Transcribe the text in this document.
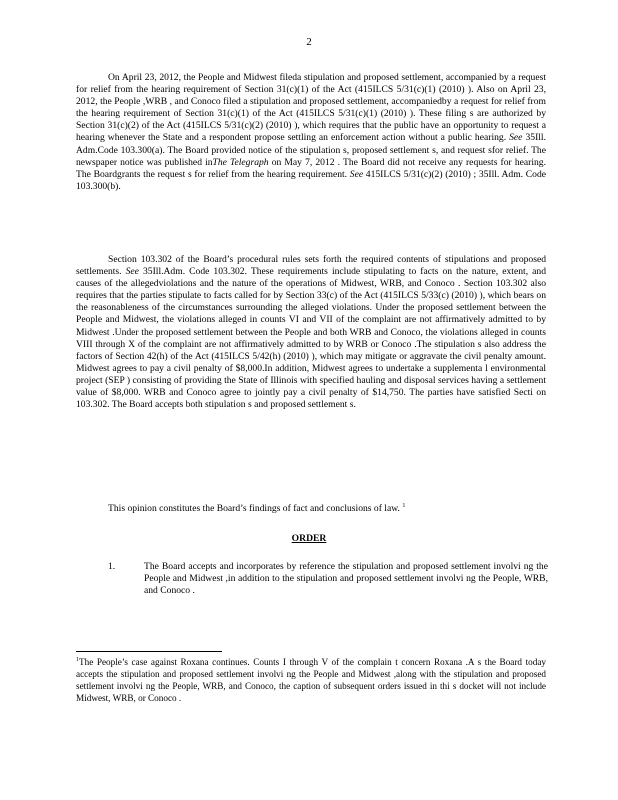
2

On April 23, 2012, the People and Midwest fileda stipulation and proposed settlement, accompanied by a request for relief from the hearing requirement of Section 31(c)(1) of the Act (415ILCS 5/31(c)(1) (2010) ). Also on April 23, 2012, the People ,WRB , and Conoco filed a stipulation and proposed settlement, accompaniedby a request for relief from the hearing requirement of Section 31(c)(1) of the Act (415ILCS 5/31(c)(1) (2010) ). These filing s are authorized by Section 31(c)(2) of the Act (415ILCS 5/31(c)(2) (2010) ), which requires that the public have an opportunity to request a hearing whenever the State and a respondent propose settling an enforcement action without a public hearing. See 35Ill. Adm.Code 103.300(a). The Board provided notice of the stipulation s, proposed settlement s, and request sfor relief. The newspaper notice was published inThe Telegraph on May 7, 2012 . The Board did not receive any requests for hearing. The Boardgrants the request s for relief from the hearing requirement. See 415ILCS 5/31(c)(2) (2010) ; 35Ill. Adm. Code 103.300(b).

Section 103.302 of the Board’s procedural rules sets forth the required contents of stipulations and proposed settlements. See 35Ill.Adm. Code 103.302. These requirements include stipulating to facts on the nature, extent, and causes of the allegedviolations and the nature of the operations of Midwest, WRB, and Conoco . Section 103.302 also requires that the parties stipulate to facts called for by Section 33(c) of the Act (415ILCS 5/33(c) (2010) ), which bears on the reasonableness of the circumstances surrounding the alleged violations. Under the proposed settlement between the People and Midwest, the violations alleged in counts VI and VII of the complaint are not affirmatively admitted to by Midwest .Under the proposed settlement between the People and both WRB and Conoco, the violations alleged in counts VIII through X of the complaint are not affirmatively admitted to by WRB or Conoco .The stipulation s also address the factors of Section 42(h) of the Act (415ILCS 5/42(h) (2010) ), which may mitigate or aggravate the civil penalty amount. Midwest agrees to pay a civil penalty of $8,000.In addition, Midwest agrees to undertake a supplementa l environmental project (SEP ) consisting of providing the State of Illinois with specified hauling and disposal services having a settlement value of $8,000. WRB and Conoco agree to jointly pay a civil penalty of $14,750. The parties have satisfied Secti on 103.302. The Board accepts both stipulation s and proposed settlement s.

This opinion constitutes the Board’s findings of fact and conclusions of law. $^1$
ORDER
1.	The Board accepts and incorporates by reference the stipulation and proposed settlement involvi ng the People and Midwest ,in addition to the stipulation and proposed settlement involvi ng the People, WRB, and Conoco .
$^1$The People’s case against Roxana continues. Counts I through V of the complain t concern Roxana .A s the Board today accepts the stipulation and proposed settlement involvi ng the People and Midwest ,along with the stipulation and proposed settlement involvi ng the People, WRB, and Conoco, the caption of subsequent orders issued in thi s docket will not include Midwest, WRB, or Conoco .
